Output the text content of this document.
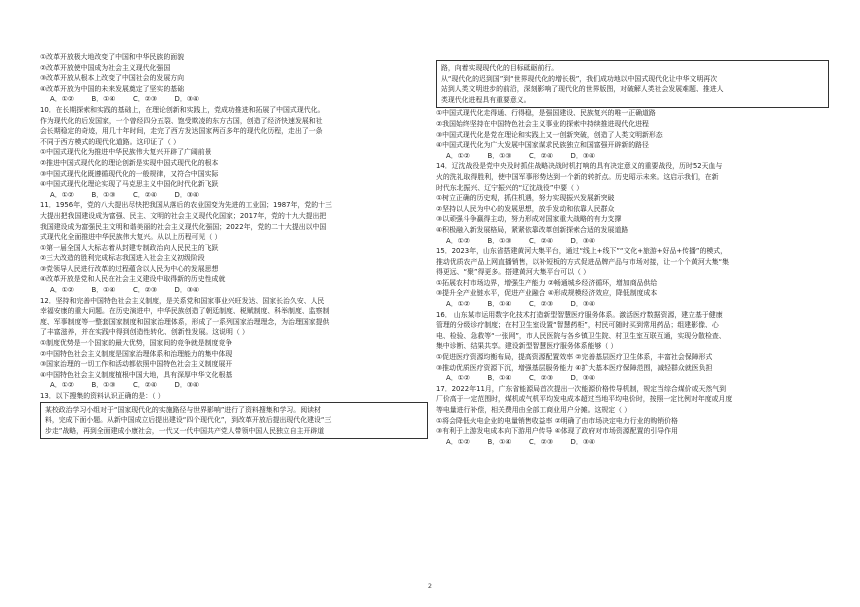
①改革开放极大地改变了中国和中华民族的面貌
②改革开放使中国成为社会主义现代化强国
③改革开放从根本上改变了中国社会的发展方向
④改革开放为中国的未来发展奠定了坚实的基础
A．①②        B．①④        C．②③        D．③④
10．在长期探索和实践的基础上，在理论创新和实践上，党成功推进和拓展了中国式现代化。
作为现代化的后发国家，一个曾经四分五裂、饱受欺凌的东方古国，创造了经济快速发展和社
会长期稳定的奇迹，用几十年时间，走完了西方发达国家两百多年的现代化历程，走出了一条
不同于西方模式的现代化道路。这印证了（ ）
①中国式现代化为推进中华民族伟大复兴开辟了广阔前景
②推进中国式现代化的理论创新是实现中国式现代化的根本
③中国式现代化既遵循现代化的一般规律，又符合中国实际
④中国式现代化理论实现了马克思主义中国化时代化新飞跃
A．①②        B．①③        C．②④        D．③④
11．1956年，党的八大提出尽快把我国从落后的农业国变为先进的工业国；1987年，党的十三
大提出把我国建设成为富强、民主、文明的社会主义现代化国家；2017年，党的十九大提出把
我国建设成为富强民主文明和谐美丽的社会主义现代化强国；2022年，党的二十大提出以中国
式现代化全面推进中华民族伟大复兴。从以上历程可见（ ）
①第一届全国人大标志着从封建专制政治向人民民主的飞跃
②三大改造的胜利完成标志我国进入社会主义初级阶段
③党领导人民进行改革的过程蕴含以人民为中心的发展思想
④改革开放是党和人民在社会主义建设中取得新的历史性成就
A．①②        B．①④        C．②③        D．③④
12．坚持和完善中国特色社会主义制度，是关系党和国家事业兴旺发达、国家长治久安、人民
幸福安康的重大问题。在历史演进中，中华民族创造了朝廷制度、税赋制度、科举制度、监察制
度、军事制度等一整套国家制度和国家治理体系，形成了一系列国家治理理念，为治理国家提供
了丰富滋养，并在实践中得到创造性转化、创新性发展。这说明（ ）
①制度优势是一个国家的最大优势，国家间的竞争就是制度竞争
②中国特色社会主义制度是国家治理体系和治理能力的集中体现
③国家治理的一切工作和活动都依照中国特色社会主义制度展开
④中国特色社会主义制度植根中国大地，具有深厚中华文化根基
A．①②        B．①③        C．②④        D．③④
13．以下搜集的资料认识正确的是：（ ）
某校政治学习小组对于“国家现代化的实施路径与世界影响”进行了资料搜集和学习。阅读材
料，完成下面小题。从新中国成立后提出建设“四个现代化”，到改革开放后提出现代化建设“三
步走”战略，再到全面建成小康社会，一代又一代中国共产党人带领中国人民独立自主开辟道
路，向着实现现代化的目标砥砺前行。
从“现代化的迟到国”到“世界现代化的增长极”，我们成功地以中国式现代化让中华文明再次
站到人类文明进步的前沿，深刻影响了现代化的世界版图，对破解人类社会发展难题、推进人
类现代化进程具有重要意义。
①中国式现代化走得通、行得稳，是强国建设、民族复兴的唯一正确道路
②我国始终坚持在中国特色社会主义事业的探索中持续推进现代化进程
③中国式现代化是党在理论和实践上又一创新突破，创造了人类文明新形态
④中国式现代化为广大发展中国家谋求民族独立和国富强开辟新的路径
A．①②        B．①③        C．②④        D．③④
14．辽沈战役是党中央及时抓住战略决战时机打响的具有决定意义的重要战役，历时52天血与
火的洗礼取得胜利，使中国军事形势达到一个新的转折点。历史昭示未来。这启示我们，在新
时代东北振兴、辽宁振兴的“辽沈战役”中要（ ）
①树立正确的历史观，抓住机遇，努力实现振兴发展新突破
②坚持以人民为中心的发展思想，放手发动和依靠人民群众
③以顽强斗争赢得主动，努力形成对国家重大战略的有力支撑
④积极融入新发展格局，紧紧依靠改革创新探索合适的发展道路
A．①②        B．①③        C．②④        D．③④
15．2023年，山东省搭建黄河大集平台，通过“线上+线下”“文化+旅游+好品+传播”的模式，
推动优质农产品上网直播销售，以补短板的方式促进品牌产品与市场对接，让一个个黄河大集“集
得更远、“聚”得更多。搭建黄河大集平台可以（ ）
①拓展农村市场边界，增强生产能力 ②畅通城乡经济循环，增加商品供给
③提升全产业链水平，促进产业融合 ④形成规模经济效应，降低制度成本
A．①②        B．①④        C．②③        D．③④
16． 山东某市运用数字化技术打造新型智慧医疗服务体系。激活医疗数据资源，建立基于健康
管理的分级诊疗制度；在村卫生室设置“智慧药柜”，村民可随时买到常用药品；组建影像、心
电、检验、急救等“一张网”，市人民医院与各乡镇卫生院、村卫生室互联互通，实现分散检查、
集中诊断、结果共享。建设新型智慧医疗服务体系能够（ ）
①促进医疗资源均衡布局，提高资源配置效率 ②完善基层医疗卫生体系，丰富社会保障形式
③推动优质医疗资源下沉，增强基层服务能力 ④扩大基本医疗保障范围，减轻群众就医负担
A．①②        B．①④        C．②③        D．③④
17．2022年11月，广东省能源局首次提出一次能源价格传导机制，规定当综合煤价或天然气到
厂价高于一定范围时，煤机或气机平均发电成本超过当地平均电价时，按照一定比例对年度或月度
等电量进行补偿，相关费用由全部工商业用户分摊。这规定（ ）
①将会降低火电企业的电量销售收益率 ②明确了由市场决定电力行业的购销价格
③有利于上游发电成本向下游用户传导 ④体现了政府对市场资源配置的引导作用
A．①②        B．①④        C．②③        D．③④
2
